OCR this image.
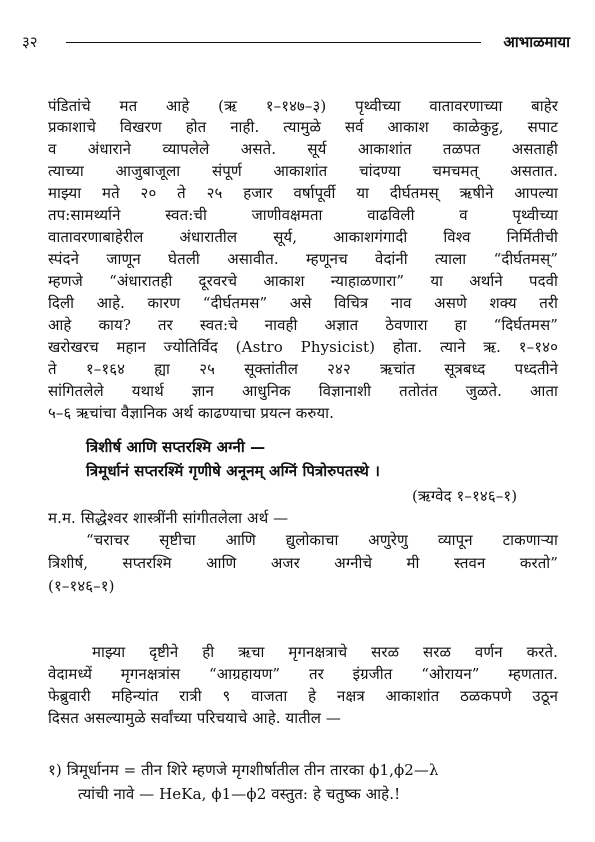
३२	आभाळमाया
पंडितांचे मत आहे (ऋ १–१४७–३) पृथ्वीच्या वातावरणाच्या बाहेर
प्रकाशाचे विखरण होत नाही. त्यामुळे सर्व आकाश काळेकुट्ट, सपाट
व अंधाराने व्यापलेले असते. सूर्य आकाशांत तळपत असताही
त्याच्या आजुबाजूला संपूर्ण आकाशांत चांदण्या चमचमत् असतात.
माझ्या मते २० ते २५ हजार वर्षापूर्वी या दीर्घतमस् ऋषीने आपल्या
तप:सामर्थ्याने स्वत:ची जाणीवक्षमता वाढविली व पृथ्वीच्या
वातावरणाबाहेरील अंधारातील सूर्य, आकाशगंगादी विश्व निर्मितीची
स्पंदने जाणून घेतली असावीत. म्हणूनच वेदांनी त्याला “दीर्घतमस्”
म्हणजे “अंधारातही दूरवरचे आकाश न्याहाळणारा” या अर्थाने पदवी
दिली आहे. कारण “दीर्घतमस” असे विचित्र नाव असणे शक्य तरी
आहे काय? तर स्वत:चे नावही अज्ञात ठेवणारा हा “दिर्घतमस”
खरोखरच महान ज्योतिर्विद (Astro Physicist) होता. त्याने ऋ. १–१४०
ते १–१६४ ह्या २५ सूक्तांतील २४२ ऋचांत सूत्रबध्द पध्दतीने
सांगितलेले यथार्थ ज्ञान आधुनिक विज्ञानाशी ततोतंत जुळते. आता
५–६ ऋचांचा वैज्ञानिक अर्थ काढण्याचा प्रयत्न करुया.
त्रिशीर्ष आणि सप्तरश्मि अग्नी —
त्रिमूर्धानं सप्तरश्मिं गृणीषे अनूनम् अग्निं पित्रोरुपतस्थे ।
(ऋग्वेद १–१४६–१)
म.म. सिद्धेश्वर शास्त्रींनी सांगीतलेला अर्थ —
“चराचर सृष्टीचा आणि द्युलोकाचा अणुरेणु व्यापून टाकणाऱ्या
त्रिशीर्ष, सप्तरश्मि आणि अजर अग्नीचे मी स्तवन करतो”
(१–१४६–१)
माझ्या दृष्टीने ही ऋचा मृगनक्षत्राचे सरळ सरळ वर्णन करते.
वेदामध्यें मृगनक्षत्रांस “आग्रहायण” तर इंग्रजीत “ओरायन” म्हणतात.
फेब्रुवारी महिन्यांत रात्री ९ वाजता हे नक्षत्र आकाशांत ठळकपणे उठून
दिसत असल्यामुळे सर्वांच्या परिचयाचे आहे. यातील —
१) त्रिमूर्धानम = तीन शिरे म्हणजे मृगशीर्षातील तीन तारका ϕ1,ϕ2—λ
त्यांची नावे — HeKa, ϕ1—ϕ2 वस्तुत: हे चतुष्क आहे.!
